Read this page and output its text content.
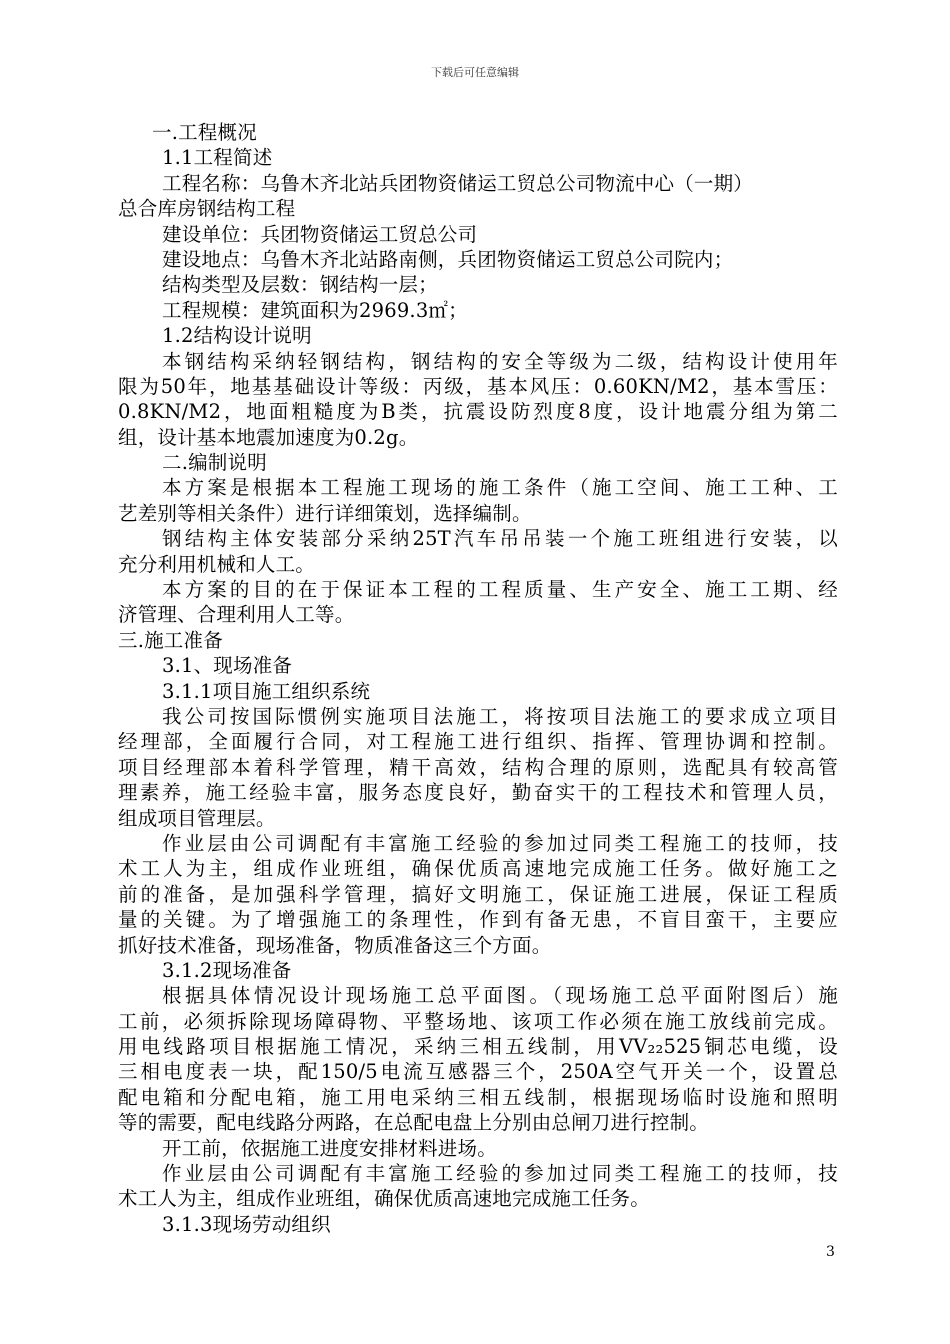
下载后可任意编辑
一.工程概况
1.1工程简述
工程名称：乌鲁木齐北站兵团物资储运工贸总公司物流中心（一期）
总合库房钢结构工程
建设单位：兵团物资储运工贸总公司
建设地点：乌鲁木齐北站路南侧，兵团物资储运工贸总公司院内；
结构类型及层数：钢结构一层；
工程规模：建筑面积为2969.3㎡；
1.2结构设计说明
本钢结构采纳轻钢结构，钢结构的安全等级为二级，结构设计使用年
限为50年，地基基础设计等级：丙级，基本风压：0.60KN/M2，基本雪压：
0.8KN/M2，地面粗糙度为B类，抗震设防烈度8度，设计地震分组为第二
组，设计基本地震加速度为0.2g。
二.编制说明
本方案是根据本工程施工现场的施工条件（施工空间、施工工种、工
艺差别等相关条件）进行详细策划，选择编制。
钢结构主体安装部分采纳25T汽车吊吊装一个施工班组进行安装，以
充分利用机械和人工。
本方案的目的在于保证本工程的工程质量、生产安全、施工工期、经
济管理、合理利用人工等。
三.施工准备
3.1、现场准备
3.1.1项目施工组织系统
我公司按国际惯例实施项目法施工，将按项目法施工的要求成立项目
经理部，全面履行合同，对工程施工进行组织、指挥、管理协调和控制。
项目经理部本着科学管理，精干高效，结构合理的原则，选配具有较高管
理素养，施工经验丰富，服务态度良好，勤奋实干的工程技术和管理人员，
组成项目管理层。
作业层由公司调配有丰富施工经验的参加过同类工程施工的技师，技
术工人为主，组成作业班组，确保优质高速地完成施工任务。做好施工之
前的准备，是加强科学管理，搞好文明施工，保证施工进展，保证工程质
量的关键。为了增强施工的条理性，作到有备无患，不盲目蛮干，主要应
抓好技术准备，现场准备，物质准备这三个方面。
3.1.2现场准备
根据具体情况设计现场施工总平面图。（现场施工总平面附图后）施
工前，必须拆除现场障碍物、平整场地、该项工作必须在施工放线前完成。
用电线路项目根据施工情况，采纳三相五线制，用VV₂₂525铜芯电缆，设
三相电度表一块，配150/5电流互感器三个，250A空气开关一个，设置总
配电箱和分配电箱，施工用电采纳三相五线制，根据现场临时设施和照明
等的需要，配电线路分两路，在总配电盘上分别由总闸刀进行控制。
开工前，依据施工进度安排材料进场。
作业层由公司调配有丰富施工经验的参加过同类工程施工的技师，技
术工人为主，组成作业班组，确保优质高速地完成施工任务。
3.1.3现场劳动组织
3
